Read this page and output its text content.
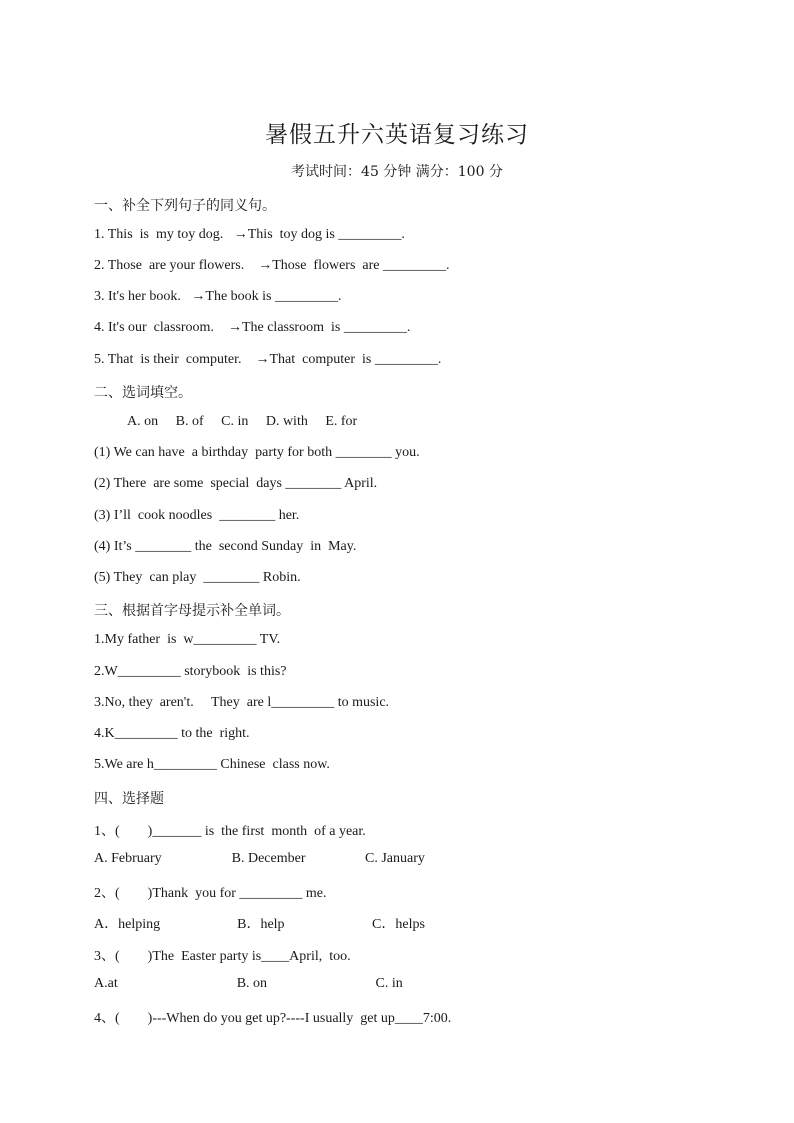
暑假五升六英语复习练习
考试时间：45 分钟 满分：100 分
一、补全下列句子的同义句。
1. This  is  my toy dog.   →This  toy dog is _________.
2. Those  are your flowers.    →Those  flowers  are _________.
3. It's her book.   →The book is _________.
4. It's our  classroom.    →The classroom  is _________.
5. That  is their  computer.    →That  computer  is _________.
二、选词填空。
A. on     B. of     C. in     D. with     E. for
(1) We can have  a birthday  party for both ________ you.
(2) There  are some  special  days ________ April.
(3) I’ll  cook noodles  ________ her.
(4) It’s ________ the  second Sunday  in  May.
(5) They  can play  ________ Robin.
三、根据首字母提示补全单词。
1.My father  is  w_________ TV.
2.W_________ storybook  is this?
3.No, they  aren't.     They  are l_________ to music.
4.K_________ to the  right.
5.We are h_________ Chinese  class now.
四、选择题
1、(        )_______ is  the first  month  of a year.
A. February                    B. December                 C. January
2、(        )Thank  you for _________ me.
A．helping                      B．help                         C．helps
3、(        )The  Easter party is____April,  too.
A.at                                  B. on                               C. in
4、(        )---When do you get up?----I usually  get up____7:00.
